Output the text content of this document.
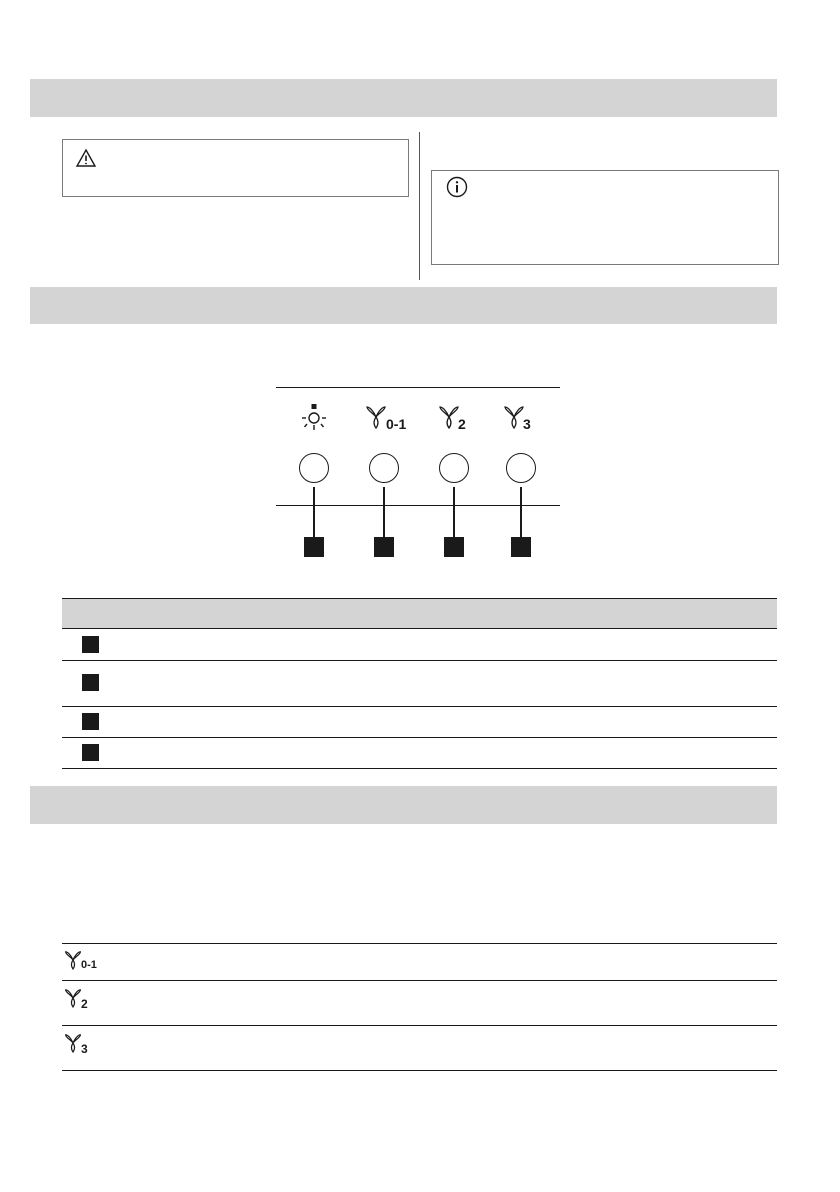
0-1	2	3
0-1
2
3
